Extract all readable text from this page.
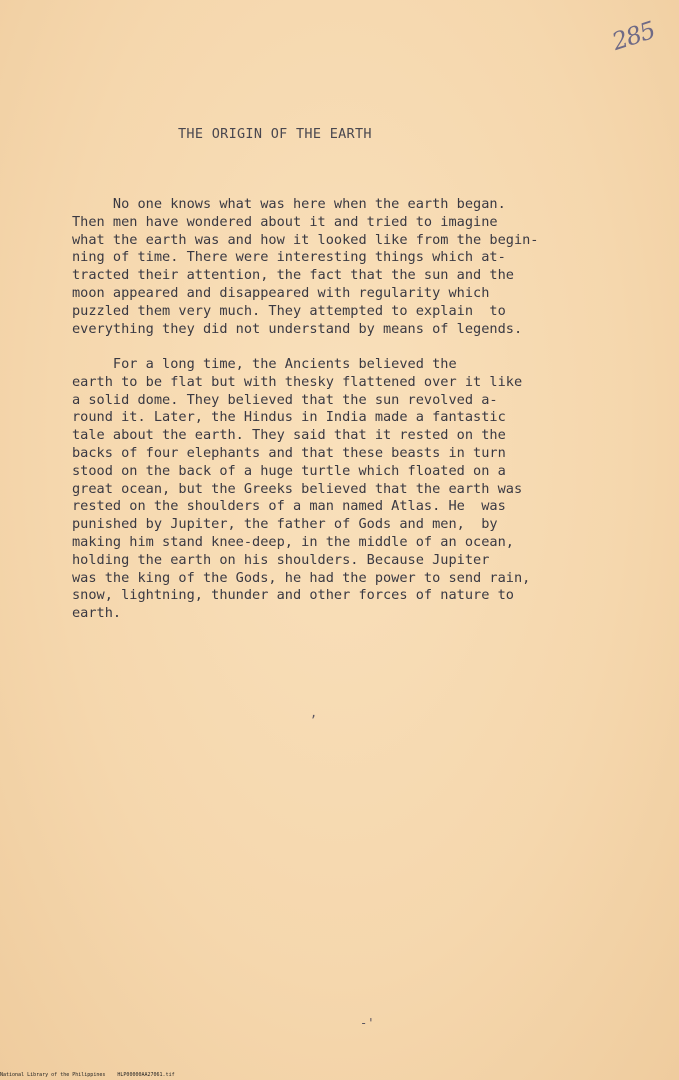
285
THE ORIGIN OF THE EARTH
No one knows what was here when the earth began.
Then men have wondered about it and tried to imagine
what the earth was and how it looked like from the begin-
ning of time. There were interesting things which at-
tracted their attention, the fact that the sun and the
moon appeared and disappeared with regularity which
puzzled them very much. They attempted to explain  to
everything they did not understand by means of legends.
For a long time, the Ancients believed the
earth to be flat but with thesky flattened over it like
a solid dome. They believed that the sun revolved a-
round it. Later, the Hindus in India made a fantastic
tale about the earth. They said that it rested on the
backs of four elephants and that these beasts in turn
stood on the back of a huge turtle which floated on a
great ocean, but the Greeks believed that the earth was
rested on the shoulders of a man named Atlas. He  was
punished by Jupiter, the father of Gods and men,  by
making him stand knee-deep, in the middle of an ocean,
holding the earth on his shoulders. Because Jupiter
was the king of the Gods, he had the power to send rain,
snow, lightning, thunder and other forces of nature to
earth.
,
-'
National Library of the Philippines    HLP00000AA27061.tif
